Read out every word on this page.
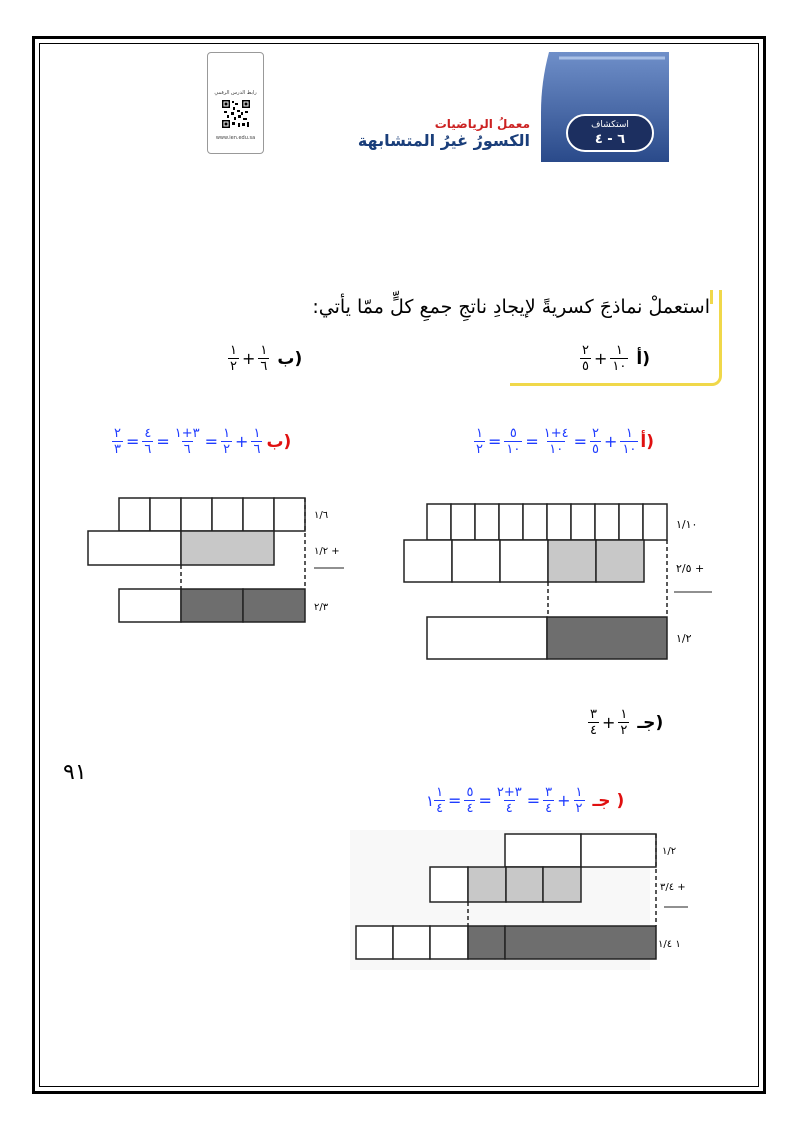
رابط الدرس الرقمي
www.ien.edu.sa
استكشاف
٦ - ٤
معملُ الرياضيات
الكسورُ غيرُ المتشابهة
استعملْ نماذجَ كسريةً لإيجادِ ناتجِ جمعِ كلٍّ ممّا يأتي:
$\frac{٢}{٥} + \frac{١}{١٠}$ أ)
$\frac{١}{٢} + \frac{١}{٦}$ ب)
$\frac{١}{٢} = \frac{٥}{١٠} = \frac{٤+١}{١٠} = \frac{٢}{٥} + \frac{١}{١٠}$ أ)
$\frac{٢}{٣} = \frac{٤}{٦} = \frac{٣+١}{٦} = \frac{١}{٢} + \frac{١}{٦}$ ب)
١/١٠
٢/٥ +
١/٢
١/٦
١/٢ +
٢/٣
$\frac{٣}{٤} + \frac{١}{٢}$ جـ)
١ $\frac{١}{٤} = \frac{٥}{٤} = \frac{٣+٢}{٤} = \frac{٣}{٤} + \frac{١}{٢}$ جـ )
١/٢
٣/٤ +
١ ١/٤
٩١
